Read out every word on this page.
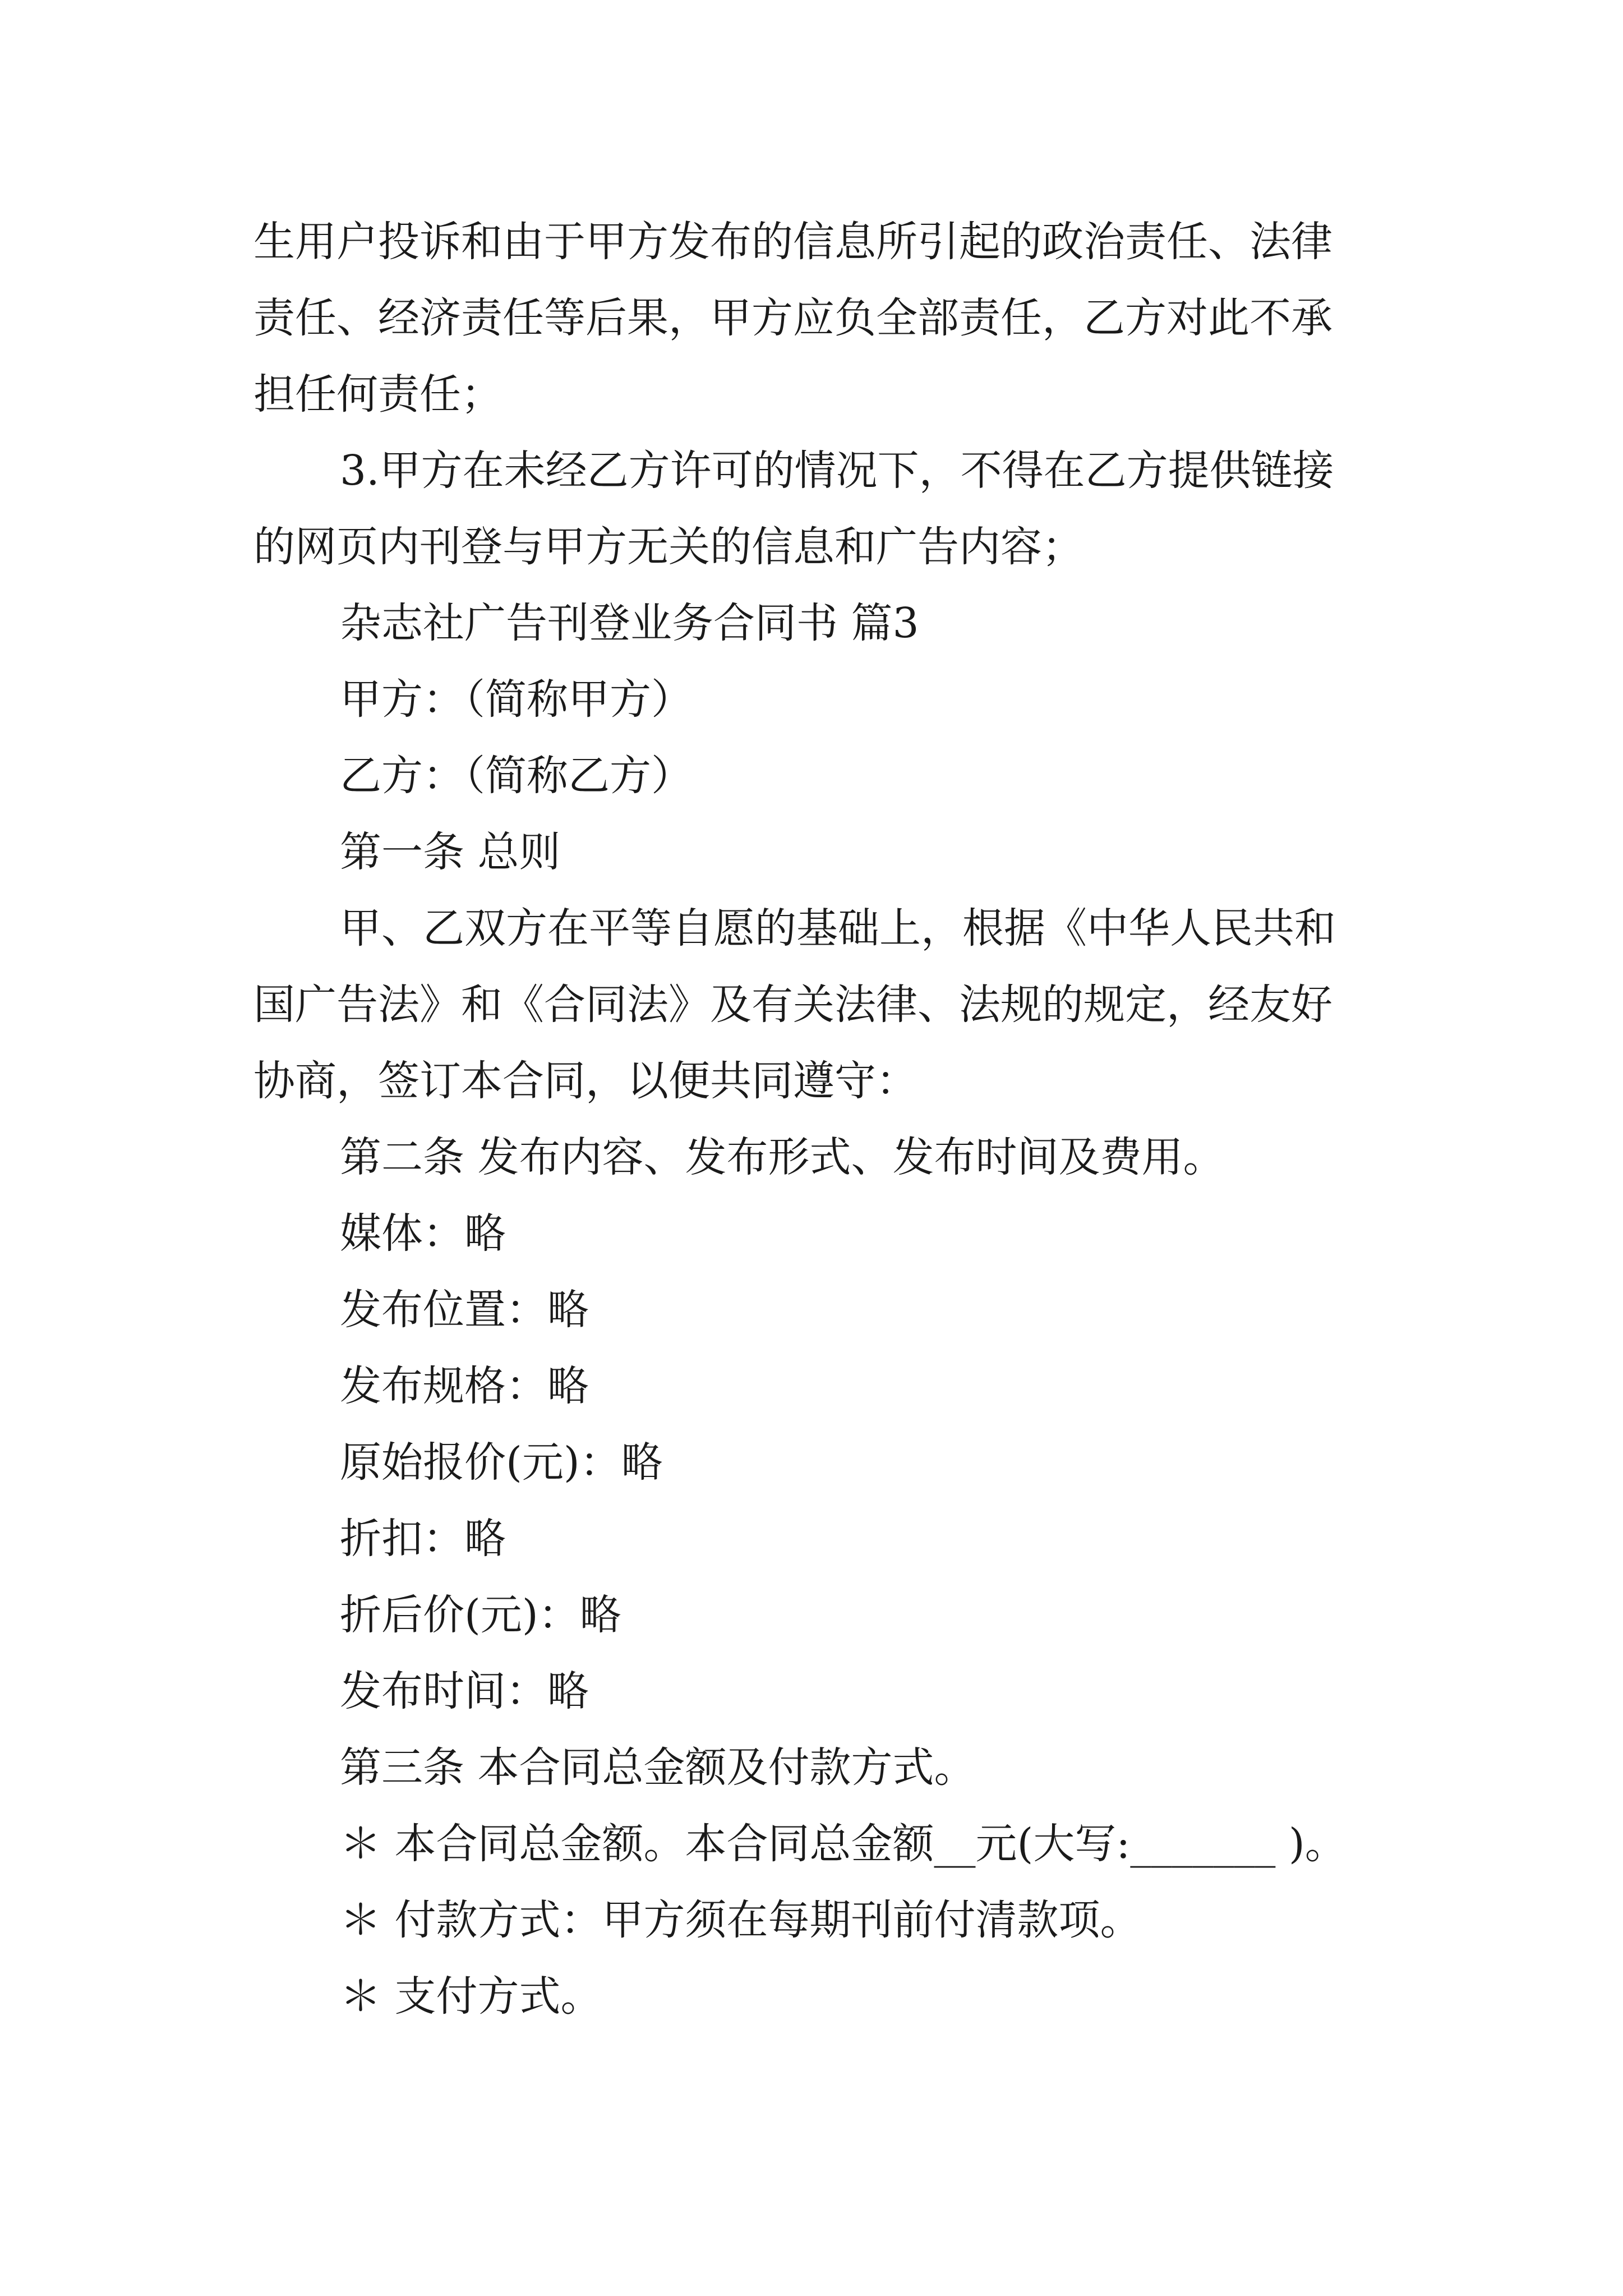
生用户投诉和由于甲方发布的信息所引起的政治责任、法律
责任、经济责任等后果，甲方应负全部责任，乙方对此不承
担任何责任；
3.甲方在未经乙方许可的情况下，不得在乙方提供链接
的网页内刊登与甲方无关的信息和广告内容；
杂志社广告刊登业务合同书 篇3
甲方：（简称甲方）
乙方：（简称乙方）
第一条 总则
甲、乙双方在平等自愿的基础上，根据《中华人民共和
国广告法》和《合同法》及有关法律、法规的规定，经友好
协商，签订本合同，以便共同遵守：
第二条 发布内容、发布形式、发布时间及费用。
媒体：略
发布位置：略
发布规格：略
原始报价(元)：略
折扣：略
折后价(元)：略
发布时间：略
第三条 本合同总金额及付款方式。
＊ 本合同总金额。本合同总金额__元(大写:_______ )。
＊ 付款方式：甲方须在每期刊前付清款项。
＊ 支付方式。
